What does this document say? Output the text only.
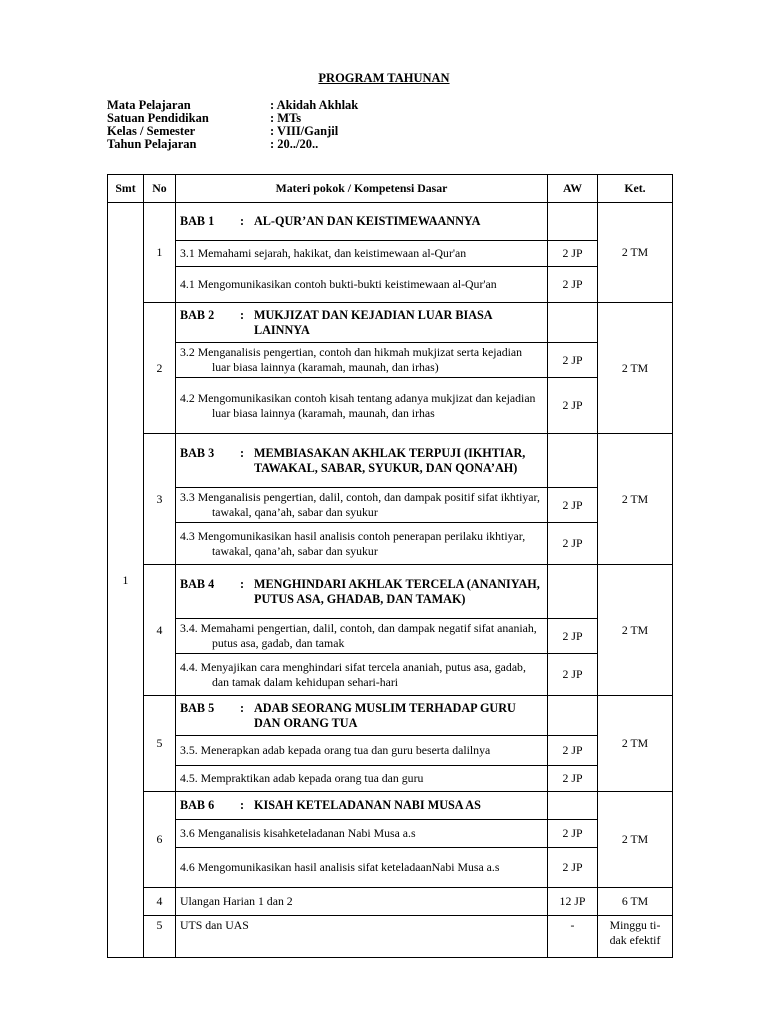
PROGRAM TAHUNAN
Mata Pelajaran	: Akidah Akhlak
Satuan Pendidikan	: MTs
Kelas / Semester	: VIII/Ganjil
Tahun Pelajaran	: 20../20..
Smt	No	Materi pokok / Kompetensi Dasar	AW	Ket.
1	1	BAB 1 : AL-QUR’AN DAN KEISTIMEWAANNYA		2 TM

		3.1 Memahami sejarah, hakikat, dan keistimewaan al-Qur'an	2 JP	

		4.1 Mengomunikasikan contoh bukti-bukti keistimewaan al-Qur'an	2 JP	
	2	BAB 2 : MUKJIZAT DAN KEJADIAN LUAR BIASA LAINNYA		2 TM

		3.2 Menganalisis pengertian, contoh dan hikmah mukjizat serta kejadian luar biasa lainnya (karamah, maunah, dan irhas)	2 JP	

		4.2 Mengomunikasikan contoh kisah tentang adanya mukjizat dan kejadian luar biasa lainnya (karamah, maunah, dan irhas	2 JP	
	3	BAB 3 : MEMBIASAKAN AKHLAK TERPUJI (IKHTIAR, TAWAKAL, SABAR, SYUKUR, DAN QONA’AH)		2 TM

		3.3 Menganalisis pengertian, dalil, contoh, dan dampak positif sifat ikhtiyar, tawakal, qana’ah, sabar dan syukur	2 JP	

		4.3 Mengomunikasikan hasil analisis contoh penerapan perilaku ikhtiyar, tawakal, qana’ah, sabar dan syukur	2 JP	
	4	BAB 4 : MENGHINDARI AKHLAK TERCELA (ANANIYAH, PUTUS ASA, GHADAB, DAN TAMAK)		2 TM

		3.4. Memahami pengertian, dalil, contoh, dan dampak negatif sifat ananiah, putus asa, gadab, dan tamak	2 JP	

		4.4. Menyajikan cara menghindari sifat tercela ananiah, putus asa, gadab, dan tamak dalam kehidupan sehari-hari	2 JP	
	5	BAB 5 : ADAB SEORANG MUSLIM TERHADAP GURU DAN ORANG TUA		2 TM

		3.5. Menerapkan adab kepada orang tua dan guru beserta dalilnya	2 JP	

		4.5. Mempraktikan adab kepada orang tua dan guru	2 JP	
	6	BAB 6 : KISAH KETELADANAN NABI MUSA AS		2 TM

		3.6 Menganalisis kisahketeladanan Nabi Musa a.s	2 JP	

		4.6 Mengomunikasikan hasil analisis sifat keteladaanNabi Musa a.s	2 JP	
	4	Ulangan Harian 1 dan 2	12 JP	6 TM
	5	UTS dan UAS	-	Minggu ti-dak efektif
